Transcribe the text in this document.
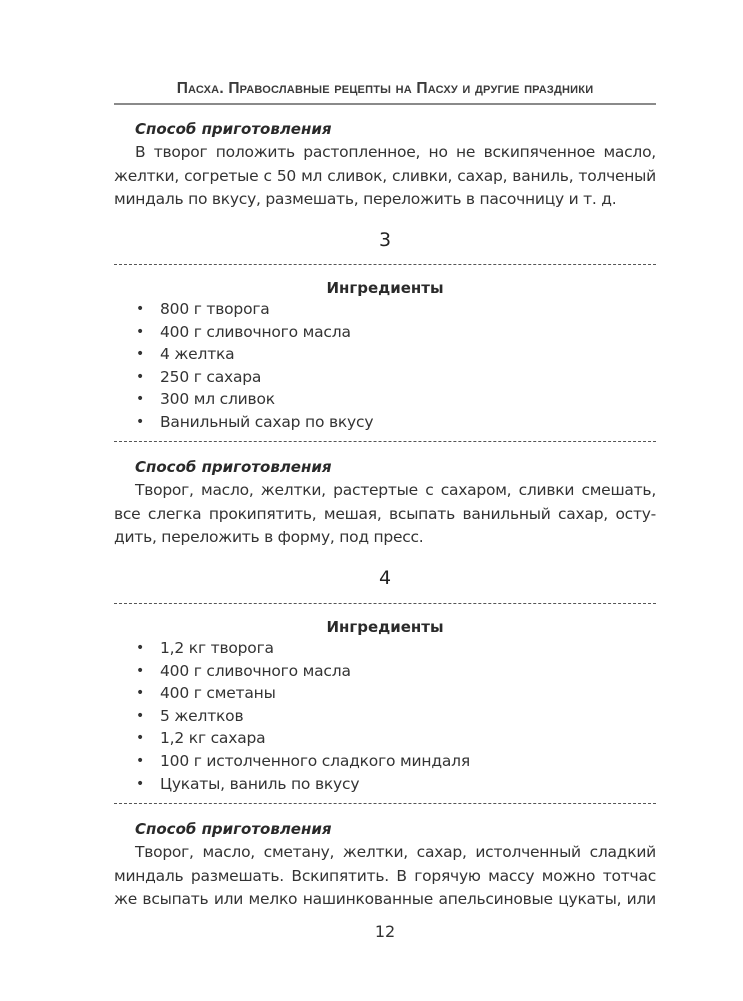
Пасха. Православные рецепты на Пасху и другие праздники
Способ приготовления
В творог положить растопленное, но не вскипяченное масло,
желтки, согретые с 50 мл сливок, сливки, сахар, ваниль, толченый
миндаль по вкусу, размешать, переложить в пасочницу и т. д.
3
Ингредиенты
• 800 г творога
• 400 г сливочного масла
• 4 желтка
• 250 г сахара
• 300 мл сливок
• Ванильный сахар по вкусу
Способ приготовления
Творог, масло, желтки, растертые с сахаром, сливки смешать,
все слегка прокипятить, мешая, всыпать ванильный сахар, осту-
дить, переложить в форму, под пресс.
4
Ингредиенты
• 1,2 кг творога
• 400 г сливочного масла
• 400 г сметаны
• 5 желтков
• 1,2 кг сахара
• 100 г истолченного сладкого миндаля
• Цукаты, ваниль по вкусу
Способ приготовления
Творог, масло, сметану, желтки, сахар, истолченный сладкий
миндаль размешать. Вскипятить. В горячую массу можно тотчас
же всыпать или мелко нашинкованные апельсиновые цукаты, или
12
